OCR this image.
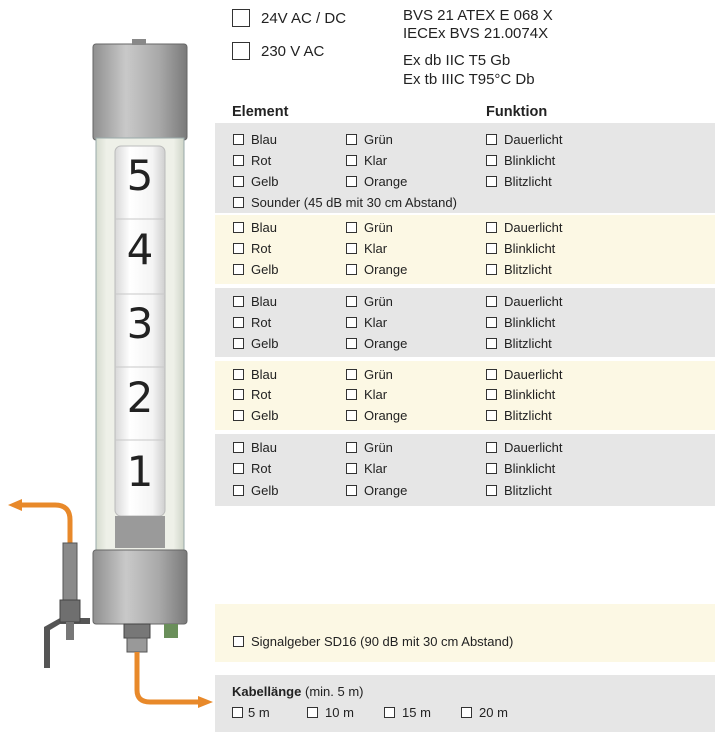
5
4
3
2
1
24V AC / DC
230 V AC
BVS 21 ATEX E 068 X
IECEx BVS 21.0074X
Ex db IIC T5 Gb
Ex tb IIIC T95°C Db
Element	Funktion
Blau	Grün	Dauerlicht
Rot	Klar	Blinklicht
Gelb	Orange	Blitzlicht
Sounder (45 dB mit 30 cm Abstand)
Blau	Grün	Dauerlicht
Rot	Klar	Blinklicht
Gelb	Orange	Blitzlicht
Blau	Grün	Dauerlicht
Rot	Klar	Blinklicht
Gelb	Orange	Blitzlicht
Blau	Grün	Dauerlicht
Rot	Klar	Blinklicht
Gelb	Orange	Blitzlicht
Blau	Grün	Dauerlicht
Rot	Klar	Blinklicht
Gelb	Orange	Blitzlicht
Signalgeber SD16 (90 dB mit 30 cm Abstand)
Kabellänge (min. 5 m)
5 m	10 m	15 m	20 m
